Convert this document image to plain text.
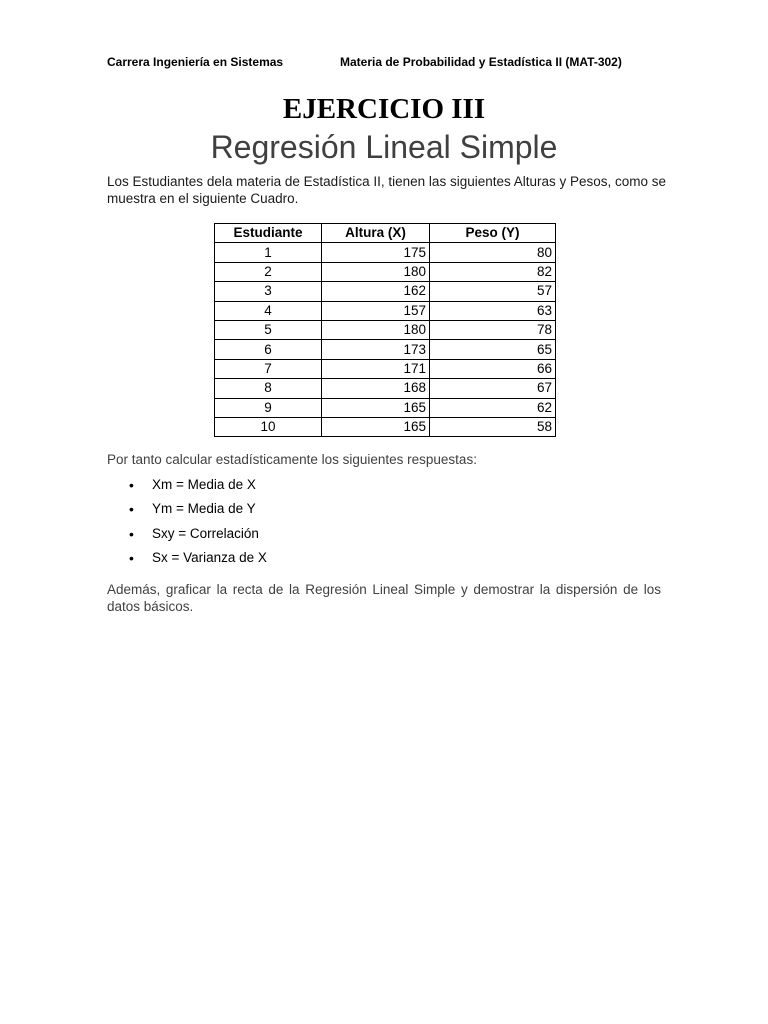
Carrera Ingeniería en Sistemas	Materia de Probabilidad y Estadística II (MAT-302)
EJERCICIO III
Regresión Lineal Simple
Los Estudiantes dela materia de Estadística II, tienen las siguientes Alturas y Pesos, como se muestra en el siguiente Cuadro.
Estudiante	Altura (X)	Peso (Y)
1	175	80
2	180	82
3	162	57
4	157	63
5	180	78
6	173	65
7	171	66
8	168	67
9	165	62
10	165	58
Por tanto calcular estadísticamente los siguientes respuestas:
• Xm = Media de X
• Ym = Media de Y
• Sxy = Correlación
• Sx = Varianza de X
Además, graficar la recta de la Regresión Lineal Simple y demostrar la dispersión de los datos básicos.
